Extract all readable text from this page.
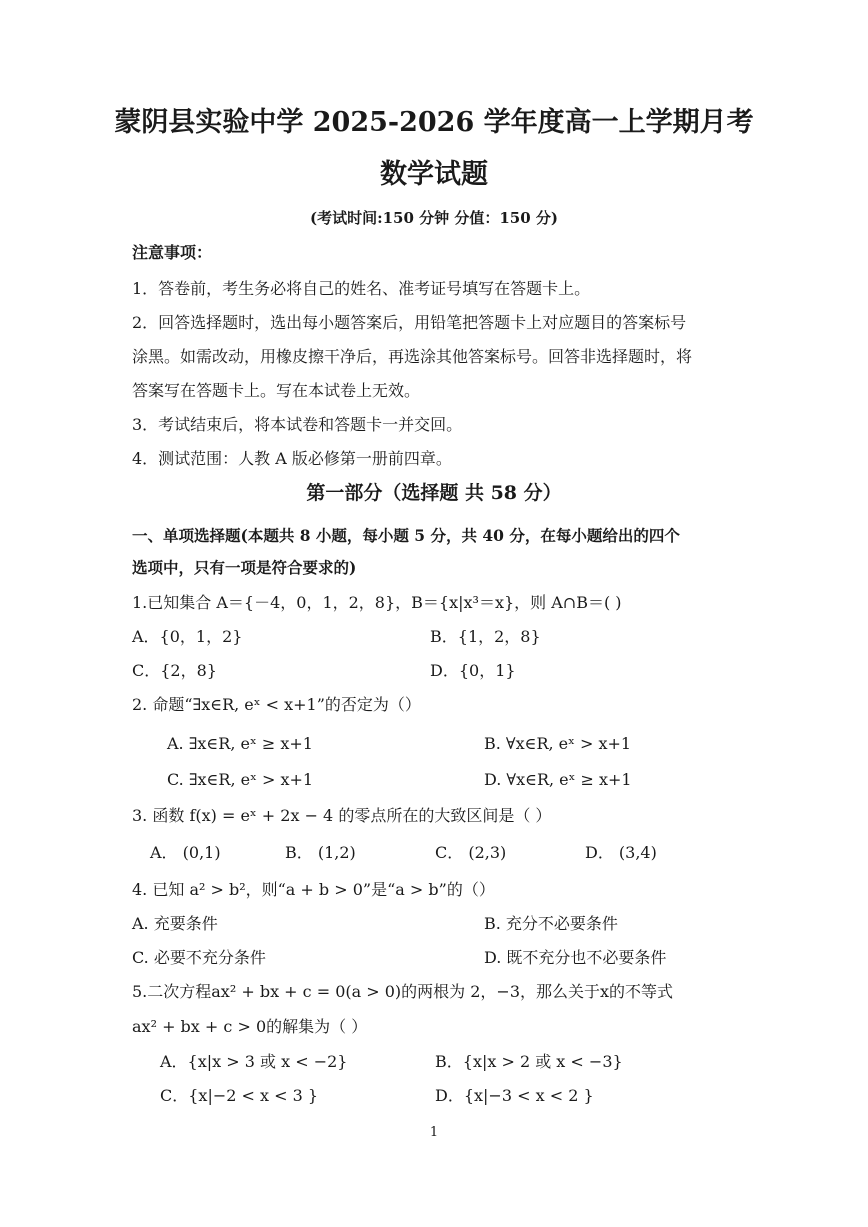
蒙阴县实验中学 2025-2026 学年度高一上学期月考
数学试题
(考试时间:150 分钟 分值：150 分)
注意事项：
1．答卷前，考生务必将自己的姓名、准考证号填写在答题卡上。
2．回答选择题时，选出每小题答案后，用铅笔把答题卡上对应题目的答案标号
涂黑。如需改动，用橡皮擦干净后，再选涂其他答案标号。回答非选择题时，将
答案写在答题卡上。写在本试卷上无效。
3．考试结束后，将本试卷和答题卡一并交回。
4．测试范围：人教 A 版必修第一册前四章。
第一部分（选择题 共 58 分）
一、单项选择题(本题共 8 小题，每小题 5 分，共 40 分，在每小题给出的四个
选项中，只有一项是符合要求的)
1.已知集合 A＝{－4，0，1，2，8}，B＝{x|x³＝x}，则 A∩B＝( )
A．{0，1，2}	B．{1，2，8}
C．{2，8}	D．{0，1}
2. 命题“∃x∈R, eˣ < x+1”的否定为（）
A. ∃x∈R, eˣ ≥ x+1	B. ∀x∈R, eˣ > x+1
C. ∃x∈R, eˣ > x+1	D. ∀x∈R, eˣ ≥ x+1
3. 函数 f(x) = eˣ + 2x − 4 的零点所在的大致区间是（ ）
A． (0,1)	B． (1,2)	C． (2,3)	D． (3,4)
4. 已知 a² > b²，则“a + b > 0”是“a > b”的（）
A. 充要条件	B. 充分不必要条件
C. 必要不充分条件	D. 既不充分也不必要条件
5.二次方程ax² + bx + c = 0(a > 0)的两根为 2，−3，那么关于x的不等式
ax² + bx + c > 0的解集为（ ）
A．{x|x > 3 或 x < −2}	B．{x|x > 2 或 x < −3}
C．{x|−2 < x < 3 }	D．{x|−3 < x < 2 }
1
